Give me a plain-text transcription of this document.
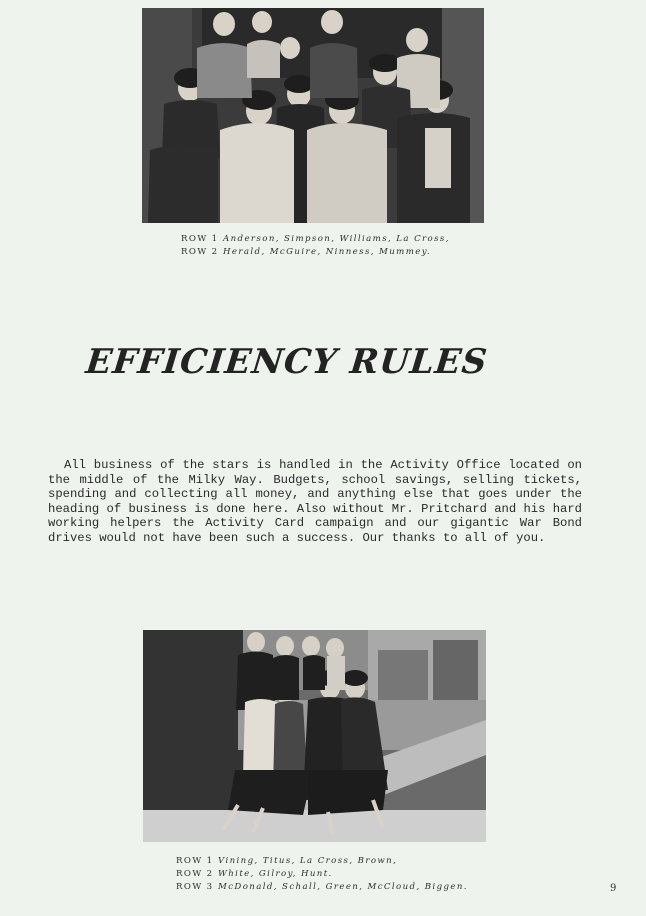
ROW 1 Anderson, Simpson, Williams, La Cross,
ROW 2 Herald, McGuire, Ninness, Mummey.
EFFICIENCY RULES

All business of the stars is handled in the Activity Office located on the middle of the Milky Way. Budgets, school savings, selling tickets, spending and collecting all money, and anything else that goes under the heading of business is done here. Also without Mr. Pritchard and his hard working helpers the Activity Card campaign and our gigantic War Bond drives would not have been such a success. Our thanks to all of you.

ROW 1 Vining, Titus, La Cross, Brown,
ROW 2 White, Gilroy, Hunt.
ROW 3 McDonald, Schall, Green, McCloud, Biggen.	9
